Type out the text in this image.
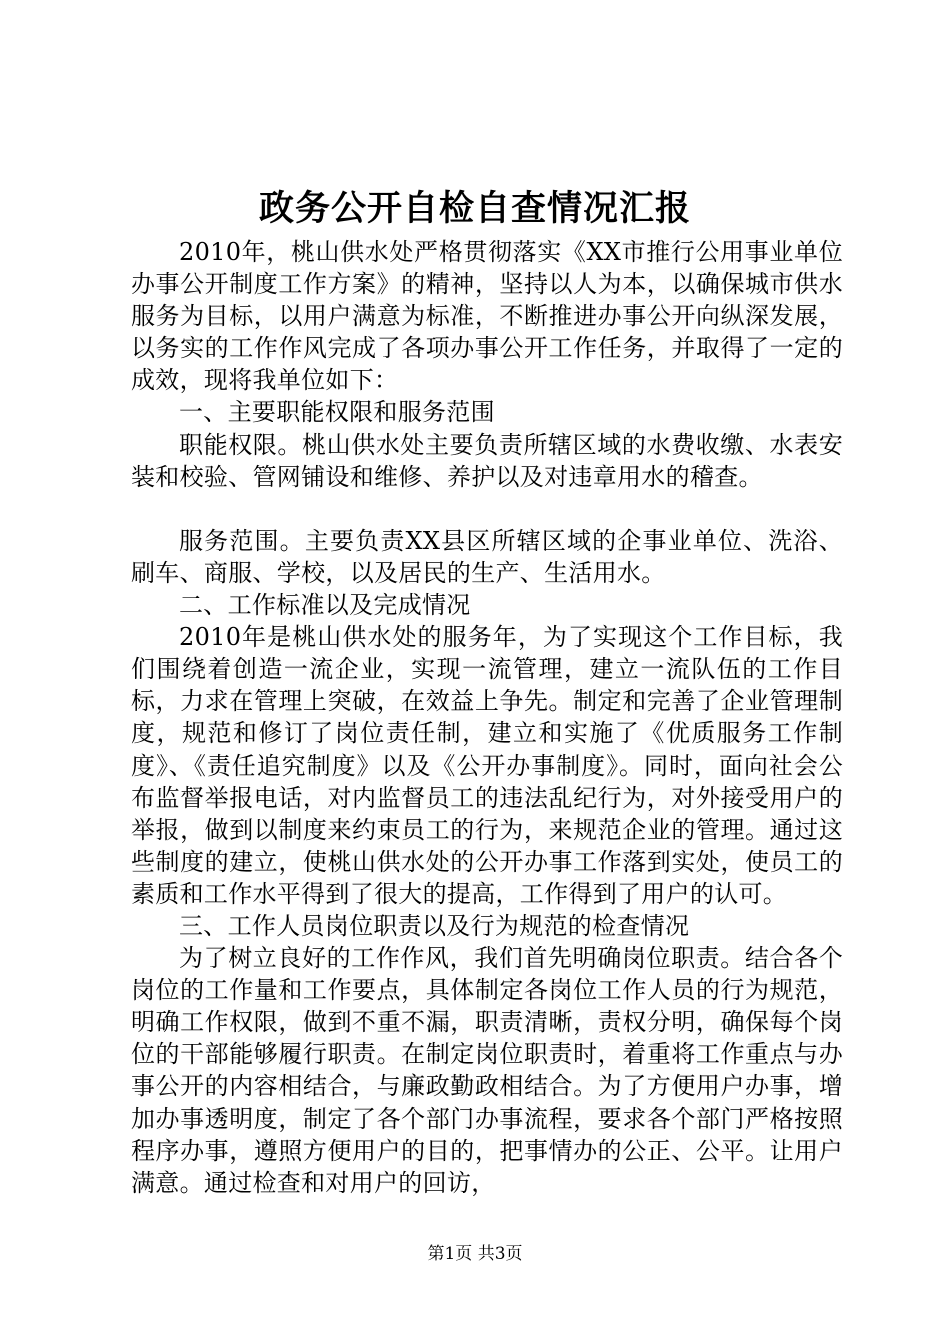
政务公开自检自查情况汇报

2010年，桃山供水处严格贯彻落实《XX市推行公用事业单位办事公开制度工作方案》的精神，坚持以人为本，以确保城市供水服务为目标，以用户满意为标准，不断推进办事公开向纵深发展，以务实的工作作风完成了各项办事公开工作任务，并取得了一定的成效，现将我单位如下：

一、主要职能权限和服务范围

职能权限。桃山供水处主要负责所辖区域的水费收缴、水表安装和校验、管网铺设和维修、养护以及对违章用水的稽查。

服务范围。主要负责XX县区所辖区域的企事业单位、洗浴、刷车、商服、学校，以及居民的生产、生活用水。

二、工作标准以及完成情况

2010年是桃山供水处的服务年，为了实现这个工作目标，我们围绕着创造一流企业，实现一流管理，建立一流队伍的工作目标，力求在管理上突破，在效益上争先。制定和完善了企业管理制度，规范和修订了岗位责任制，建立和实施了《优质服务工作制度》、《责任追究制度》以及《公开办事制度》。同时，面向社会公布监督举报电话，对内监督员工的违法乱纪行为，对外接受用户的举报，做到以制度来约束员工的行为，来规范企业的管理。通过这些制度的建立，使桃山供水处的公开办事工作落到实处，使员工的素质和工作水平得到了很大的提高，工作得到了用户的认可。

三、工作人员岗位职责以及行为规范的检查情况

为了树立良好的工作作风，我们首先明确岗位职责。结合各个岗位的工作量和工作要点，具体制定各岗位工作人员的行为规范，明确工作权限，做到不重不漏，职责清晰，责权分明，确保每个岗位的干部能够履行职责。在制定岗位职责时，着重将工作重点与办事公开的内容相结合，与廉政勤政相结合。为了方便用户办事，增加办事透明度，制定了各个部门办事流程，要求各个部门严格按照程序办事，遵照方便用户的目的，把事情办的公正、公平。让用户满意。通过检查和对用户的回访，

第1页 共3页
